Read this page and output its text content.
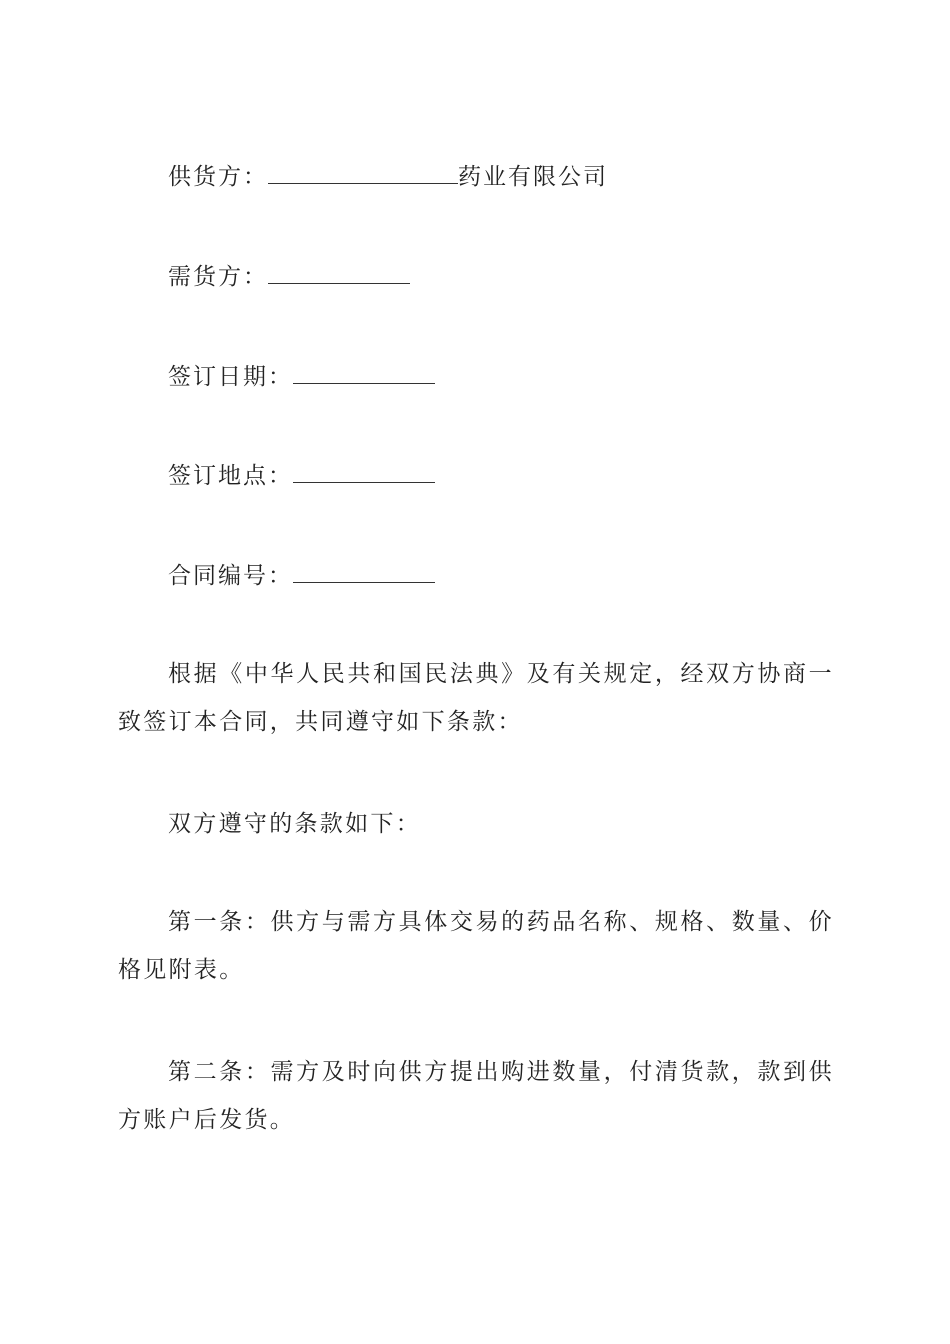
供货方：	药业有限公司
需货方：
签订日期：
签订地点：
合同编号：
根据《中华人民共和国民法典》及有关规定，经双方协商一致签订本合同，共同遵守如下条款：
双方遵守的条款如下：
第一条：供方与需方具体交易的药品名称、规格、数量、价格见附表。
第二条：需方及时向供方提出购进数量，付清货款，款到供方账户后发货。
